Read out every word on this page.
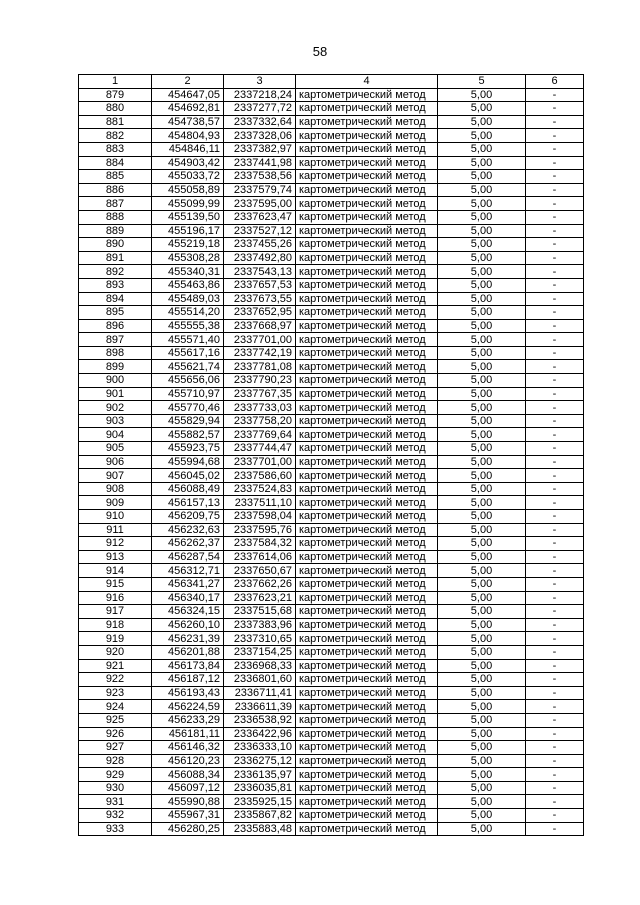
58
1	2	3	4	5	6
879	454647,05	2337218,24	картометрический метод	5,00	-
880	454692,81	2337277,72	картометрический метод	5,00	-
881	454738,57	2337332,64	картометрический метод	5,00	-
882	454804,93	2337328,06	картометрический метод	5,00	-
883	454846,11	2337382,97	картометрический метод	5,00	-
884	454903,42	2337441,98	картометрический метод	5,00	-
885	455033,72	2337538,56	картометрический метод	5,00	-
886	455058,89	2337579,74	картометрический метод	5,00	-
887	455099,99	2337595,00	картометрический метод	5,00	-
888	455139,50	2337623,47	картометрический метод	5,00	-
889	455196,17	2337527,12	картометрический метод	5,00	-
890	455219,18	2337455,26	картометрический метод	5,00	-
891	455308,28	2337492,80	картометрический метод	5,00	-
892	455340,31	2337543,13	картометрический метод	5,00	-
893	455463,86	2337657,53	картометрический метод	5,00	-
894	455489,03	2337673,55	картометрический метод	5,00	-
895	455514,20	2337652,95	картометрический метод	5,00	-
896	455555,38	2337668,97	картометрический метод	5,00	-
897	455571,40	2337701,00	картометрический метод	5,00	-
898	455617,16	2337742,19	картометрический метод	5,00	-
899	455621,74	2337781,08	картометрический метод	5,00	-
900	455656,06	2337790,23	картометрический метод	5,00	-
901	455710,97	2337767,35	картометрический метод	5,00	-
902	455770,46	2337733,03	картометрический метод	5,00	-
903	455829,94	2337758,20	картометрический метод	5,00	-
904	455882,57	2337769,64	картометрический метод	5,00	-
905	455923,75	2337744,47	картометрический метод	5,00	-
906	455994,68	2337701,00	картометрический метод	5,00	-
907	456045,02	2337586,60	картометрический метод	5,00	-
908	456088,49	2337524,83	картометрический метод	5,00	-
909	456157,13	2337511,10	картометрический метод	5,00	-
910	456209,75	2337598,04	картометрический метод	5,00	-
911	456232,63	2337595,76	картометрический метод	5,00	-
912	456262,37	2337584,32	картометрический метод	5,00	-
913	456287,54	2337614,06	картометрический метод	5,00	-
914	456312,71	2337650,67	картометрический метод	5,00	-
915	456341,27	2337662,26	картометрический метод	5,00	-
916	456340,17	2337623,21	картометрический метод	5,00	-
917	456324,15	2337515,68	картометрический метод	5,00	-
918	456260,10	2337383,96	картометрический метод	5,00	-
919	456231,39	2337310,65	картометрический метод	5,00	-
920	456201,88	2337154,25	картометрический метод	5,00	-
921	456173,84	2336968,33	картометрический метод	5,00	-
922	456187,12	2336801,60	картометрический метод	5,00	-
923	456193,43	2336711,41	картометрический метод	5,00	-
924	456224,59	2336611,39	картометрический метод	5,00	-
925	456233,29	2336538,92	картометрический метод	5,00	-
926	456181,11	2336422,96	картометрический метод	5,00	-
927	456146,32	2336333,10	картометрический метод	5,00	-
928	456120,23	2336275,12	картометрический метод	5,00	-
929	456088,34	2336135,97	картометрический метод	5,00	-
930	456097,12	2336035,81	картометрический метод	5,00	-
931	455990,88	2335925,15	картометрический метод	5,00	-
932	455967,31	2335867,82	картометрический метод	5,00	-
933	456280,25	2335883,48	картометрический метод	5,00	-
